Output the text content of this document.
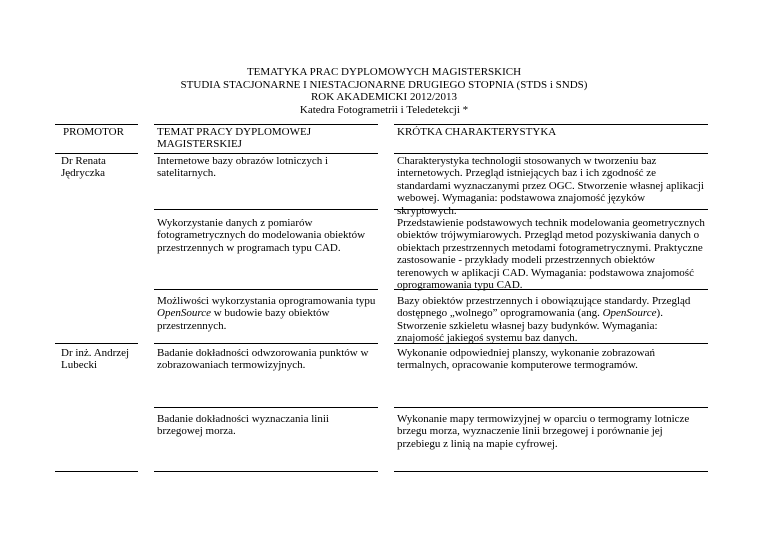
TEMATYKA PRAC DYPLOMOWYCH MAGISTERSKICH
STUDIA STACJONARNE I NIESTACJONARNE DRUGIEGO STOPNIA (STDS i SNDS)
ROK AKADEMICKI 2012/2013
Katedra Fotogrametrii i Teledetekcji *
PROMOTOR	TEMAT PRACY DYPLOMOWEJ MAGISTERSKIEJ
KRÓTKA CHARAKTERYSTYKA
Dr Renata Jędryczka
Internetowe bazy obrazów lotniczych i satelitarnych.
Charakterystyka technologii stosowanych w tworzeniu baz internetowych. Przegląd istniejących baz i ich zgodność ze standardami wyznaczanymi przez OGC. Stworzenie własnej aplikacji webowej. Wymagania: podstawowa znajomość języków skryptowych.
Wykorzystanie danych z pomiarów fotogrametrycznych do modelowania obiektów przestrzennych w programach typu CAD.
Przedstawienie podstawowych technik modelowania geometrycznych obiektów trójwymiarowych. Przegląd metod pozyskiwania danych o obiektach przestrzennych metodami fotogrametrycznymi. Praktyczne zastosowanie - przykłady modeli przestrzennych obiektów terenowych w aplikacji CAD. Wymagania: podstawowa znajomość oprogramowania typu CAD.
Możliwości wykorzystania oprogramowania typu OpenSource w budowie bazy obiektów przestrzennych.
Bazy obiektów przestrzennych i obowiązujące standardy. Przegląd dostępnego „wolnego” oprogramowania (ang. OpenSource). Stworzenie szkieletu własnej bazy budynków. Wymagania: znajomość jakiegoś systemu baz danych.
Dr inż. Andrzej Lubecki
Badanie dokładności odwzorowania punktów w zobrazowaniach termowizyjnych.
Wykonanie odpowiedniej planszy, wykonanie zobrazowań termalnych, opracowanie komputerowe termogramów.
Badanie dokładności wyznaczania linii brzegowej morza.
Wykonanie mapy termowizyjnej w oparciu o termogramy lotnicze brzegu morza, wyznaczenie linii brzegowej i porównanie jej przebiegu z linią na mapie cyfrowej.
